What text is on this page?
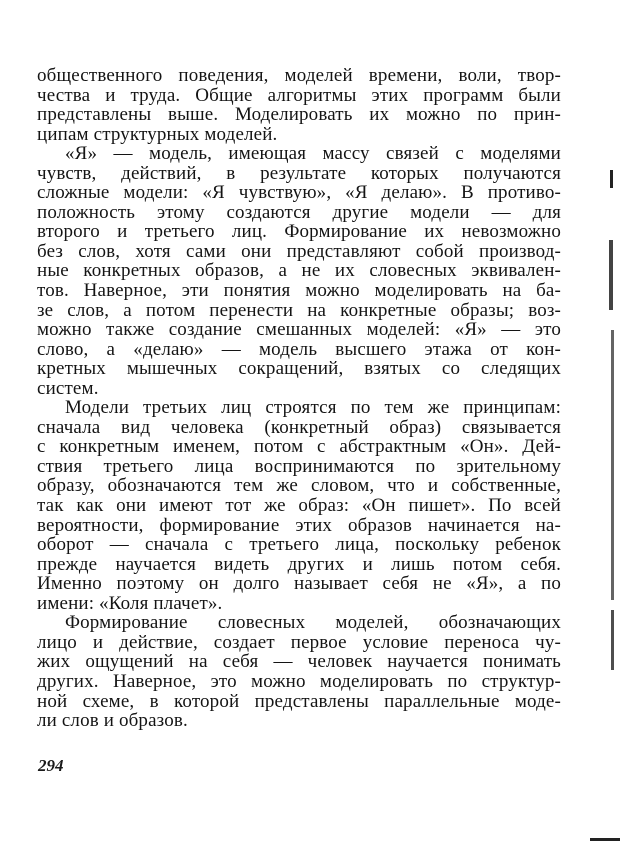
общественного поведения, моделей времени, воли, твор-
чества и труда. Общие алгоритмы этих программ были
представлены выше. Моделировать их можно по прин-
ципам структурных моделей.
«Я» — модель, имеющая массу связей с моделями
чувств, действий, в результате которых получаются
сложные модели: «Я чувствую», «Я делаю». В противо-
положность этому создаются другие модели — для
второго и третьего лиц. Формирование их невозможно
без слов, хотя сами они представляют собой производ-
ные конкретных образов, а не их словесных эквивален-
тов. Наверное, эти понятия можно моделировать на ба-
зе слов, а потом перенести на конкретные образы; воз-
можно также создание смешанных моделей: «Я» — это
слово, а «делаю» — модель высшего этажа от кон-
кретных мышечных сокращений, взятых со следящих
систем.
Модели третьих лиц строятся по тем же принципам:
сначала вид человека (конкретный образ) связывается
с конкретным именем, потом с абстрактным «Он». Дей-
ствия третьего лица воспринимаются по зрительному
образу, обозначаются тем же словом, что и собственные,
так как они имеют тот же образ: «Он пишет». По всей
вероятности, формирование этих образов начинается на-
оборот — сначала с третьего лица, поскольку ребенок
прежде научается видеть других и лишь потом себя.
Именно поэтому он долго называет себя не «Я», а по
имени: «Коля плачет».
Формирование словесных моделей, обозначающих
лицо и действие, создает первое условие переноса чу-
жих ощущений на себя — человек научается понимать
других. Наверное, это можно моделировать по структур-
ной схеме, в которой представлены параллельные моде-
ли слов и образов.
294
